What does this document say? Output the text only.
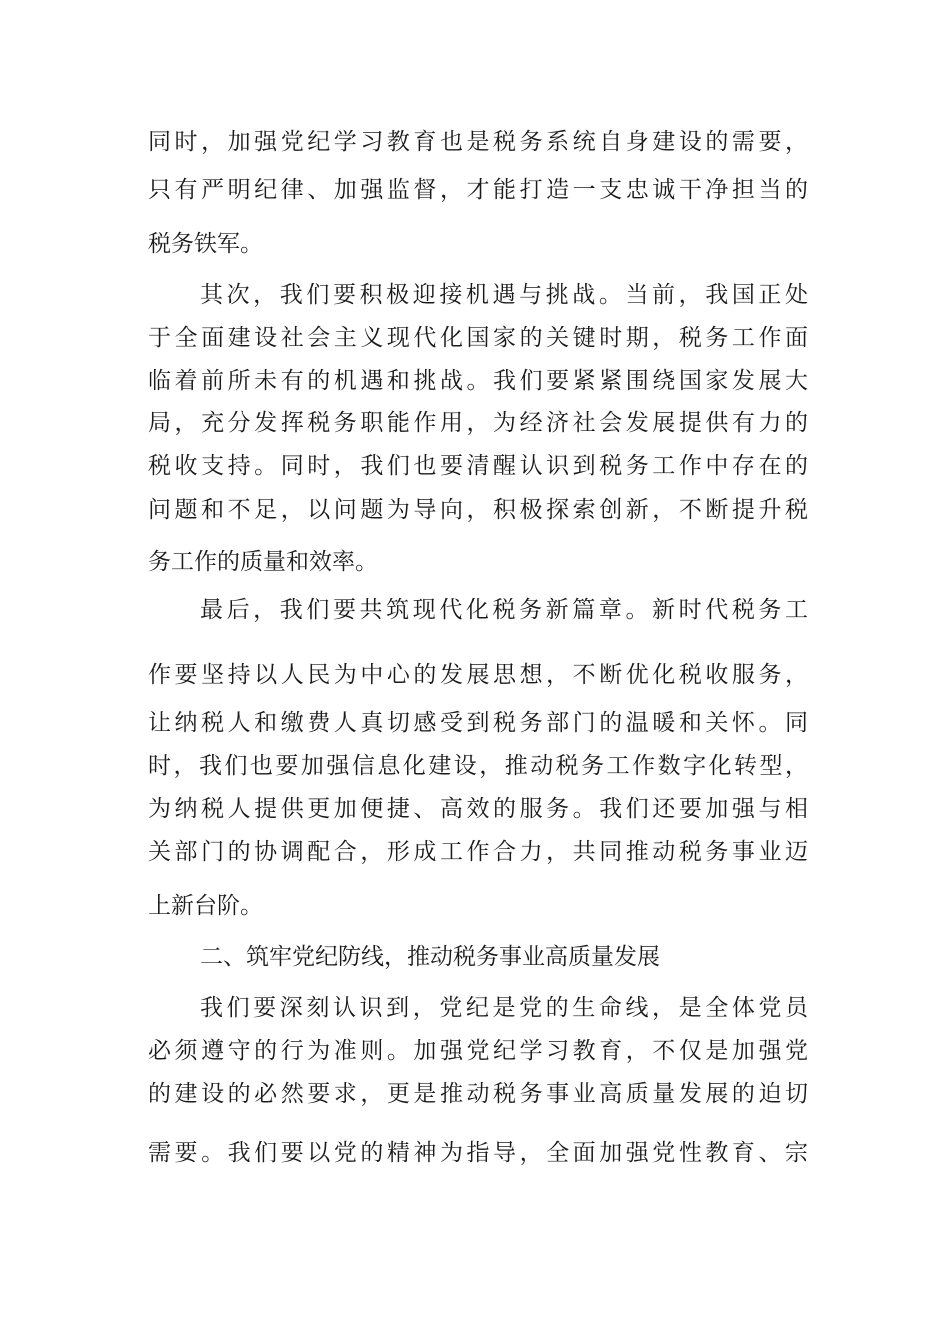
同时，加强党纪学习教育也是税务系统自身建设的需要，
只有严明纪律、加强监督，才能打造一支忠诚干净担当的
税务铁军。
其次，我们要积极迎接机遇与挑战。当前，我国正处
于全面建设社会主义现代化国家的关键时期，税务工作面
临着前所未有的机遇和挑战。我们要紧紧围绕国家发展大
局，充分发挥税务职能作用，为经济社会发展提供有力的
税收支持。同时，我们也要清醒认识到税务工作中存在的
问题和不足，以问题为导向，积极探索创新，不断提升税
务工作的质量和效率。
最后，我们要共筑现代化税务新篇章。新时代税务工
作要坚持以人民为中心的发展思想，不断优化税收服务，
让纳税人和缴费人真切感受到税务部门的温暖和关怀。同
时，我们也要加强信息化建设，推动税务工作数字化转型，
为纳税人提供更加便捷、高效的服务。我们还要加强与相
关部门的协调配合，形成工作合力，共同推动税务事业迈
上新台阶。
二、筑牢党纪防线，推动税务事业高质量发展
我们要深刻认识到，党纪是党的生命线，是全体党员
必须遵守的行为准则。加强党纪学习教育，不仅是加强党
的建设的必然要求，更是推动税务事业高质量发展的迫切
需要。我们要以党的精神为指导，全面加强党性教育、宗
